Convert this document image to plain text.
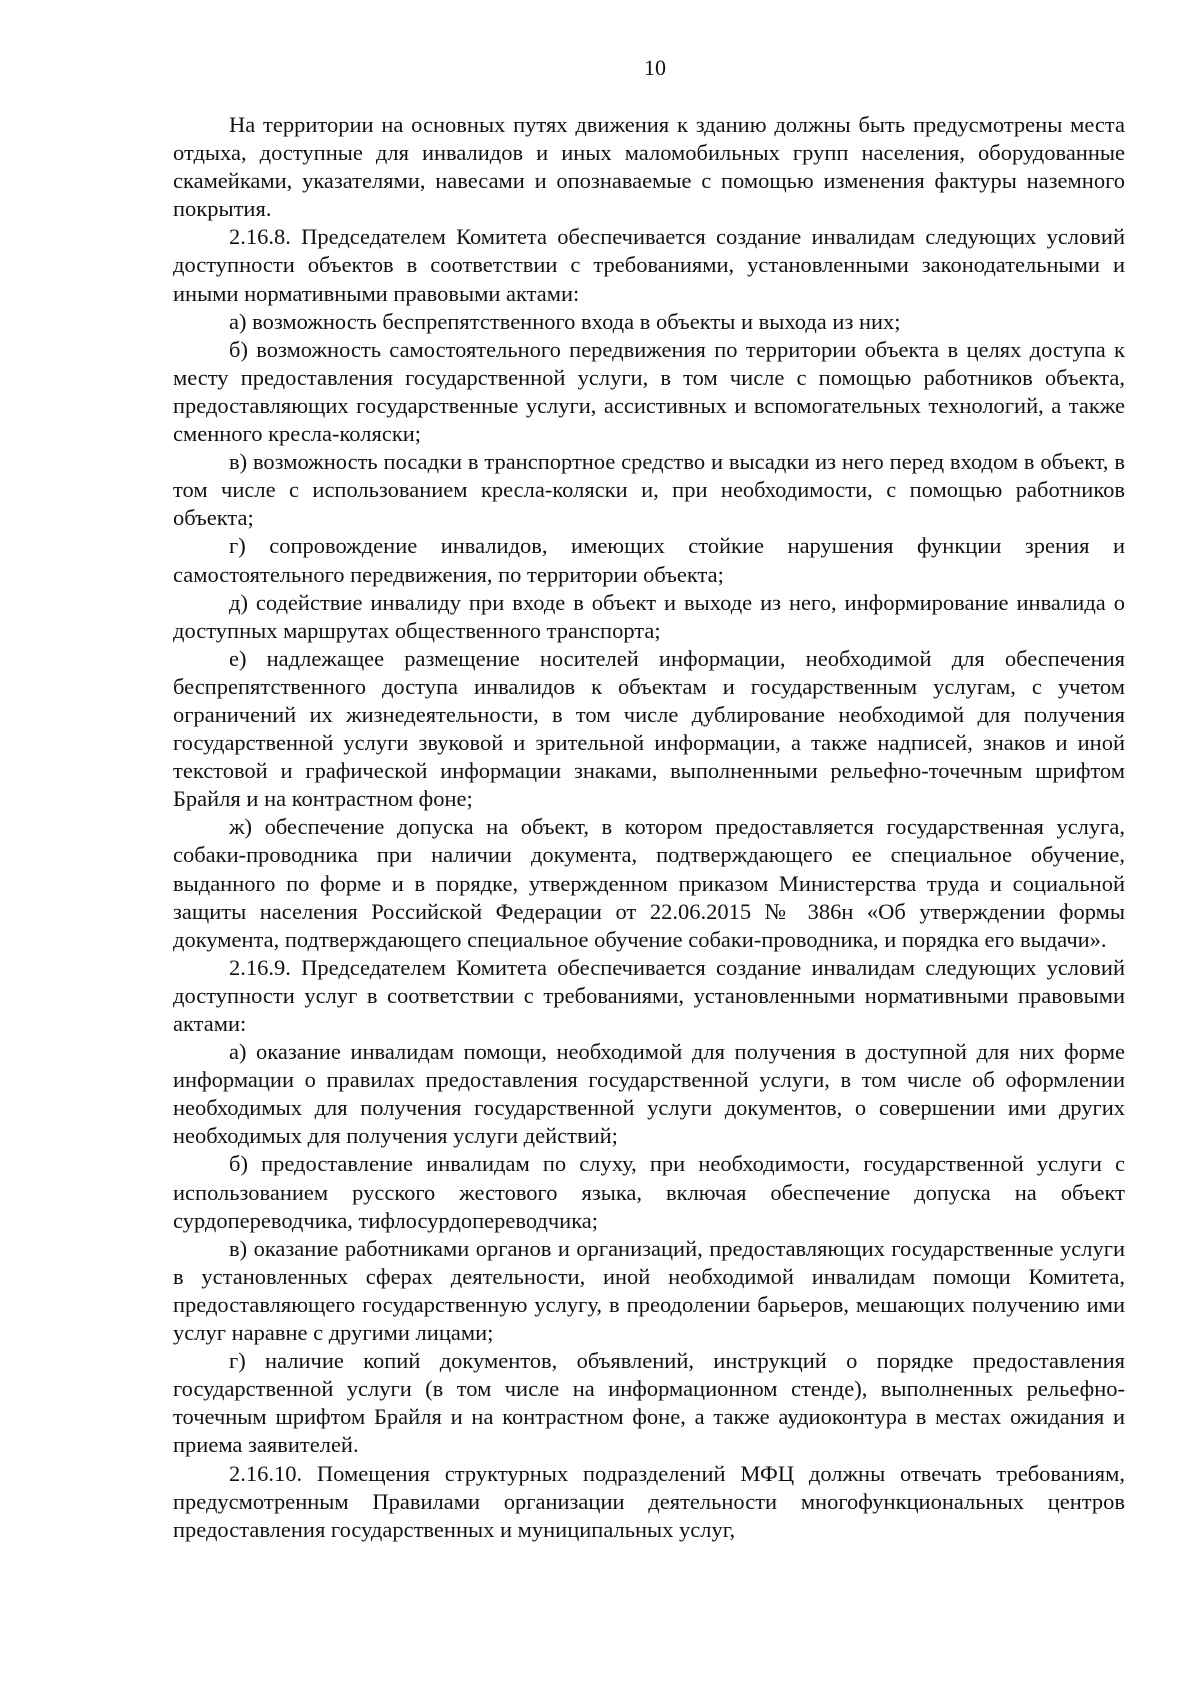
10

На территории на основных путях движения к зданию должны быть предусмотрены места отдыха, доступные для инвалидов и иных маломобильных групп населения, оборудованные скамейками, указателями, навесами и опознаваемые с помощью изменения фактуры наземного покрытия.

2.16.8. Председателем Комитета обеспечивается создание инвалидам следующих условий доступности объектов в соответствии с требованиями, установленными законодательными и иными нормативными правовыми актами:

а) возможность беспрепятственного входа в объекты и выхода из них;

б) возможность самостоятельного передвижения по территории объекта в целях доступа к месту предоставления государственной услуги, в том числе с помощью работников объекта, предоставляющих государственные услуги, ассистивных и вспомогательных технологий, а также сменного кресла-коляски;

в) возможность посадки в транспортное средство и высадки из него перед входом в объект, в том числе с использованием кресла-коляски и, при необходимости, с помощью работников объекта;

г) сопровождение инвалидов, имеющих стойкие нарушения функции зрения и самостоятельного передвижения, по территории объекта;

д) содействие инвалиду при входе в объект и выходе из него, информирование инвалида о доступных маршрутах общественного транспорта;

е) надлежащее размещение носителей информации, необходимой для обеспечения беспрепятственного доступа инвалидов к объектам и государственным услугам, с учетом ограничений их жизнедеятельности, в том числе дублирование необходимой для получения государственной услуги звуковой и зрительной информации, а также надписей, знаков и иной текстовой и графической информации знаками, выполненными рельефно-точечным шрифтом Брайля и на контрастном фоне;

ж) обеспечение допуска на объект, в котором предоставляется государственная услуга, собаки-проводника при наличии документа, подтверждающего ее специальное обучение, выданного по форме и в порядке, утвержденном приказом Министерства труда и социальной защиты населения Российской Федерации от 22.06.2015 № 386н «Об утверждении формы документа, подтверждающего специальное обучение собаки-проводника, и порядка его выдачи».

2.16.9. Председателем Комитета обеспечивается создание инвалидам следующих условий доступности услуг в соответствии с требованиями, установленными нормативными правовыми актами:

а) оказание инвалидам помощи, необходимой для получения в доступной для них форме информации о правилах предоставления государственной услуги, в том числе об оформлении необходимых для получения государственной услуги документов, о совершении ими других необходимых для получения услуги действий;

б) предоставление инвалидам по слуху, при необходимости, государственной услуги с использованием русского жестового языка, включая обеспечение допуска на объект сурдопереводчика, тифлосурдопереводчика;

в) оказание работниками органов и организаций, предоставляющих государственные услуги в установленных сферах деятельности, иной необходимой инвалидам помощи Комитета, предоставляющего государственную услугу, в преодолении барьеров, мешающих получению ими услуг наравне с другими лицами;

г) наличие копий документов, объявлений, инструкций о порядке предоставления государственной услуги (в том числе на информационном стенде), выполненных рельефно-точечным шрифтом Брайля и на контрастном фоне, а также аудиоконтура в местах ожидания и приема заявителей.

2.16.10. Помещения структурных подразделений МФЦ должны отвечать требованиям, предусмотренным Правилами организации деятельности многофункциональных центров предоставления государственных и муниципальных услуг,
